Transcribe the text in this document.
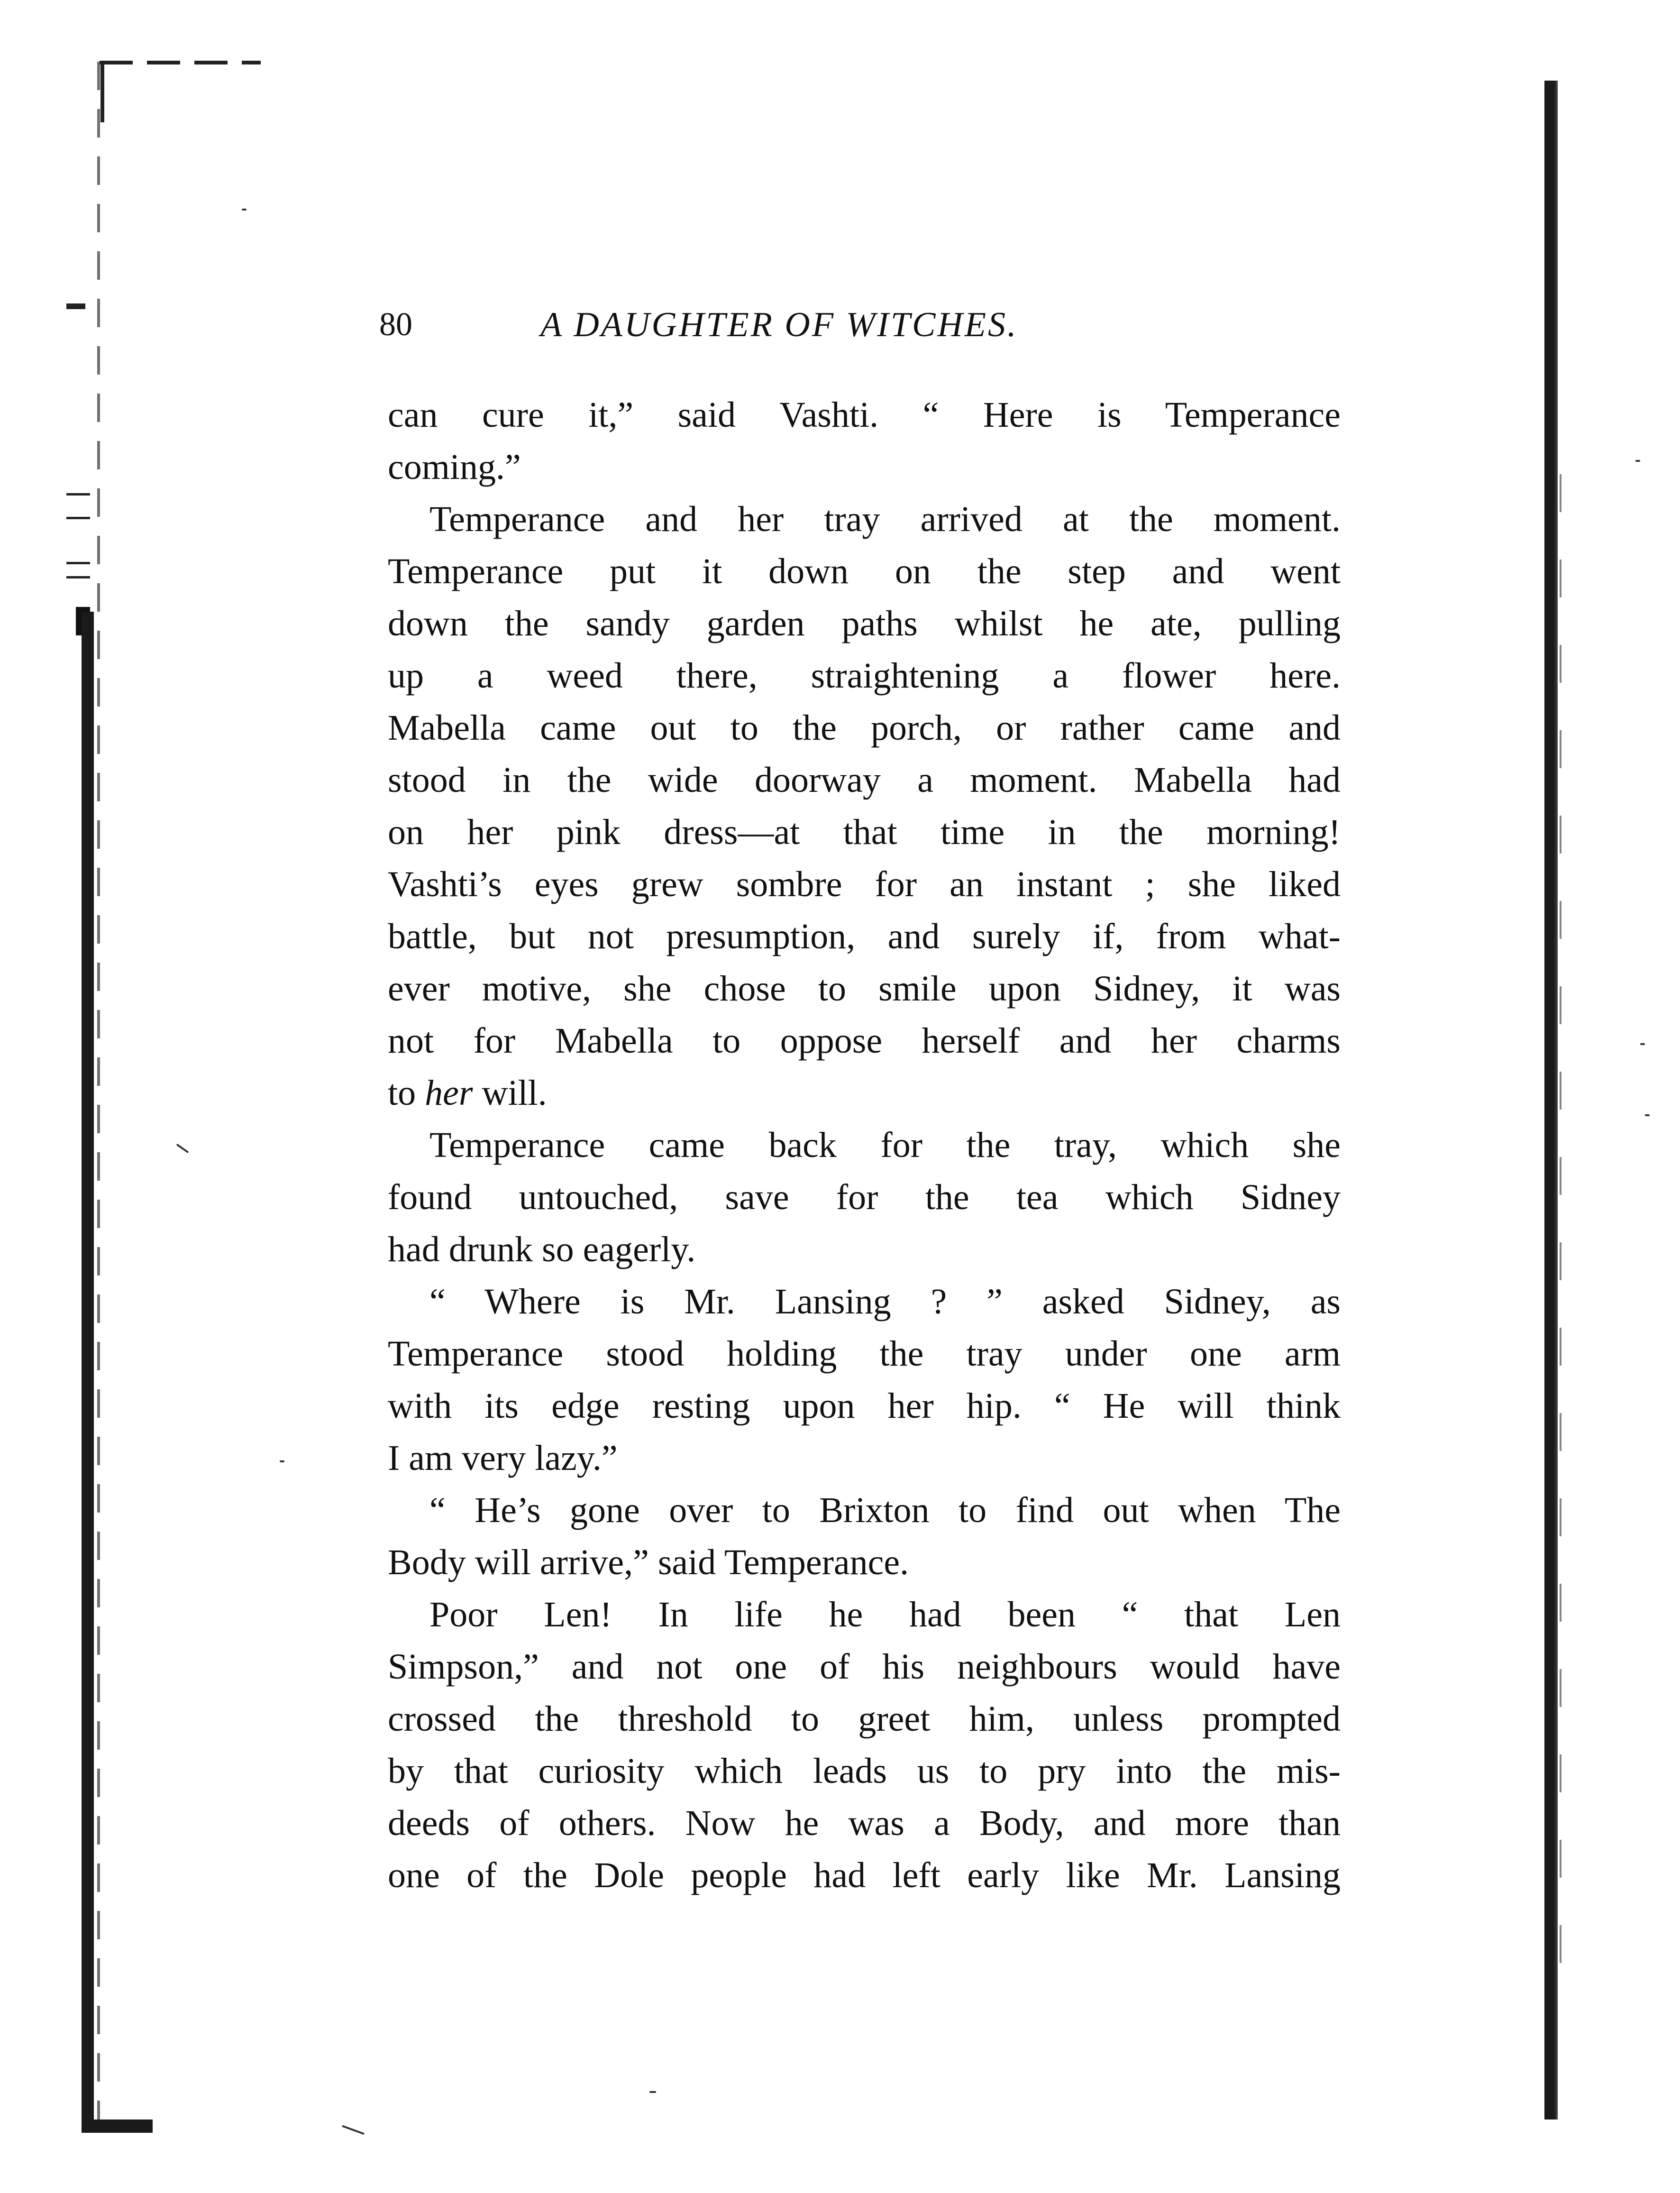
80	A DAUGHTER OF WITCHES.
can cure it,” said Vashti. “ Here is Temperance
coming.”
Temperance and her tray arrived at the moment.
Temperance put it down on the step and went
down the sandy garden paths whilst he ate, pulling
up a weed there, straightening a flower here.
Mabella came out to the porch, or rather came and
stood in the wide doorway a moment. Mabella had
on her pink dress—at that time in the morning!
Vashti’s eyes grew sombre for an instant ; she liked
battle, but not presumption, and surely if, from what-
ever motive, she chose to smile upon Sidney, it was
not for Mabella to oppose herself and her charms
to her will.
Temperance came back for the tray, which she
found untouched, save for the tea which Sidney
had drunk so eagerly.
“ Where is Mr. Lansing ? ” asked Sidney, as
Temperance stood holding the tray under one arm
with its edge resting upon her hip. “ He will think
I am very lazy.”
“ He’s gone over to Brixton to find out when The
Body will arrive,” said Temperance.
Poor Len! In life he had been “ that Len
Simpson,” and not one of his neighbours would have
crossed the threshold to greet him, unless prompted
by that curiosity which leads us to pry into the mis-
deeds of others. Now he was a Body, and more than
one of the Dole people had left early like Mr. Lansing
